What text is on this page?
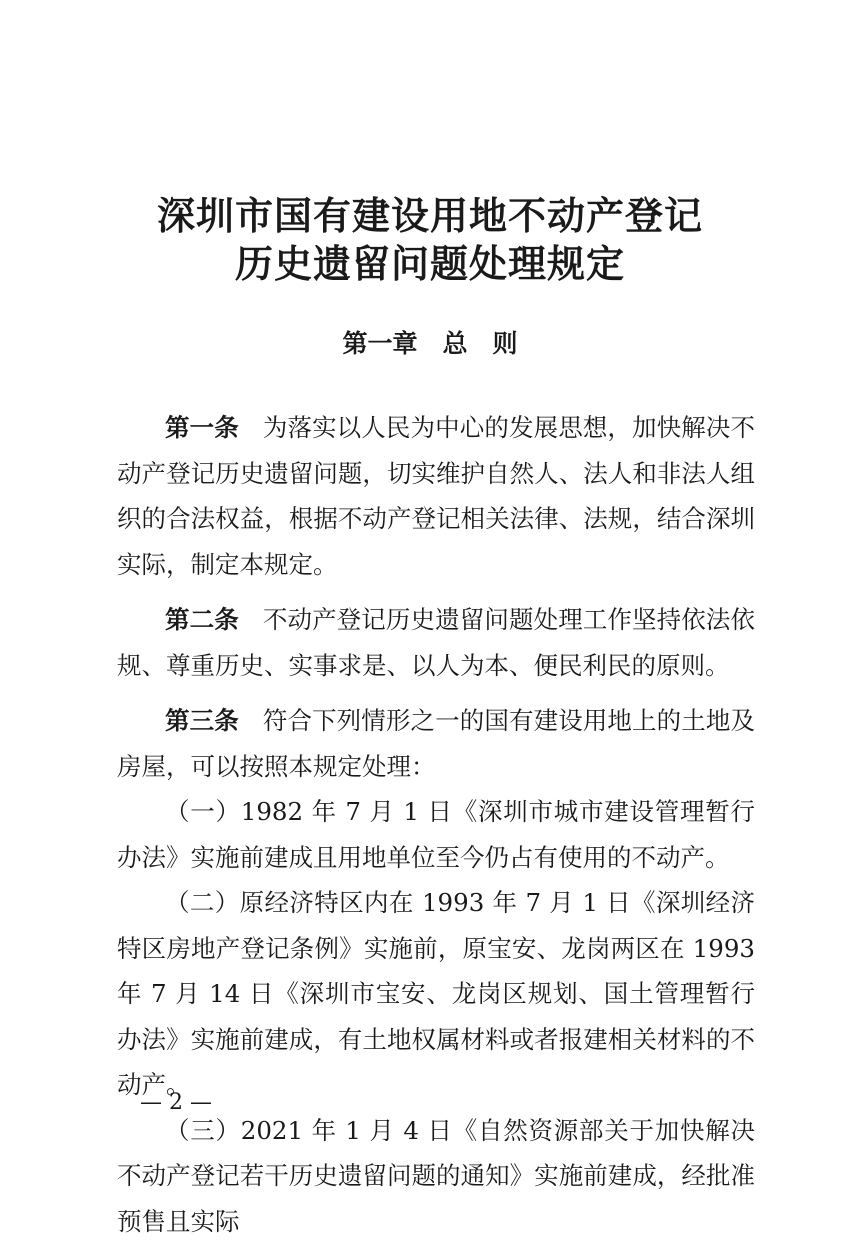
深圳市国有建设用地不动产登记
历史遗留问题处理规定
第一章　总　则

第一条 为落实以人民为中心的发展思想，加快解决不动产登记历史遗留问题，切实维护自然人、法人和非法人组织的合法权益，根据不动产登记相关法律、法规，结合深圳实际，制定本规定。

第二条 不动产登记历史遗留问题处理工作坚持依法依规、尊重历史、实事求是、以人为本、便民利民的原则。

第三条 符合下列情形之一的国有建设用地上的土地及房屋，可以按照本规定处理：

（一）1982 年 7 月 1 日《深圳市城市建设管理暂行办法》实施前建成且用地单位至今仍占有使用的不动产。

（二）原经济特区内在 1993 年 7 月 1 日《深圳经济特区房地产登记条例》实施前，原宝安、龙岗两区在 1993 年 7 月 14 日《深圳市宝安、龙岗区规划、国土管理暂行办法》实施前建成，有土地权属材料或者报建相关材料的不动产。

（三）2021 年 1 月 4 日《自然资源部关于加快解决不动产登记若干历史遗留问题的通知》实施前建成，经批准预售且实际

— 2 —
